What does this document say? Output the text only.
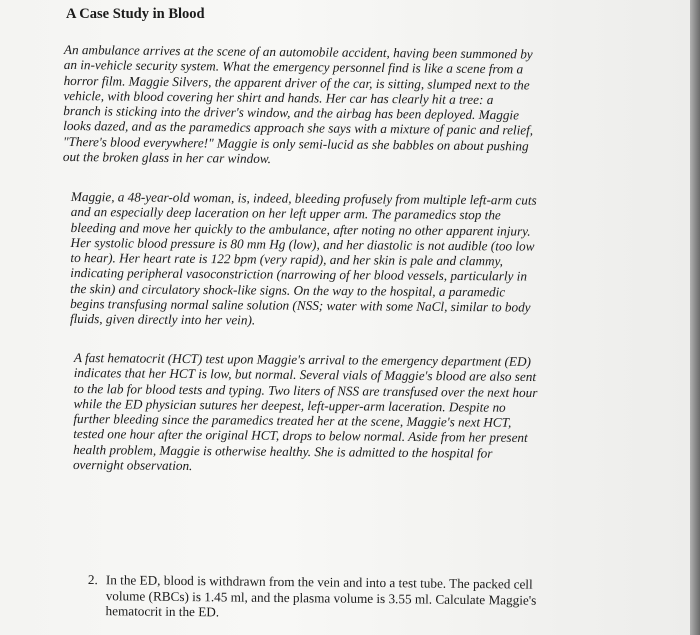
A Case Study in Blood

An ambulance arrives at the scene of an automobile accident, having been summoned by
an in-vehicle security system. What the emergency personnel find is like a scene from a
horror film. Maggie Silvers, the apparent driver of the car, is sitting, slumped next to the
vehicle, with blood covering her shirt and hands. Her car has clearly hit a tree: a
branch is sticking into the driver's window, and the airbag has been deployed. Maggie
looks dazed, and as the paramedics approach she says with a mixture of panic and relief,
"There's blood everywhere!" Maggie is only semi-lucid as she babbles on about pushing
out the broken glass in her car window.

Maggie, a 48-year-old woman, is, indeed, bleeding profusely from multiple left-arm cuts
and an especially deep laceration on her left upper arm. The paramedics stop the
bleeding and move her quickly to the ambulance, after noting no other apparent injury.
Her systolic blood pressure is 80 mm Hg (low), and her diastolic is not audible (too low
to hear). Her heart rate is 122 bpm (very rapid), and her skin is pale and clammy,
indicating peripheral vasoconstriction (narrowing of her blood vessels, particularly in
the skin) and circulatory shock-like signs. On the way to the hospital, a paramedic
begins transfusing normal saline solution (NSS; water with some NaCl, similar to body
fluids, given directly into her vein).

A fast hematocrit (HCT) test upon Maggie's arrival to the emergency department (ED)
indicates that her HCT is low, but normal. Several vials of Maggie's blood are also sent
to the lab for blood tests and typing. Two liters of NSS are transfused over the next hour
while the ED physician sutures her deepest, left-upper-arm laceration. Despite no
further bleeding since the paramedics treated her at the scene, Maggie's next HCT,
tested one hour after the original HCT, drops to below normal. Aside from her present
health problem, Maggie is otherwise healthy. She is admitted to the hospital for
overnight observation.

2. In the ED, blood is withdrawn from the vein and into a test tube. The packed cell
volume (RBCs) is 1.45 ml, and the plasma volume is 3.55 ml. Calculate Maggie's
hematocrit in the ED.
